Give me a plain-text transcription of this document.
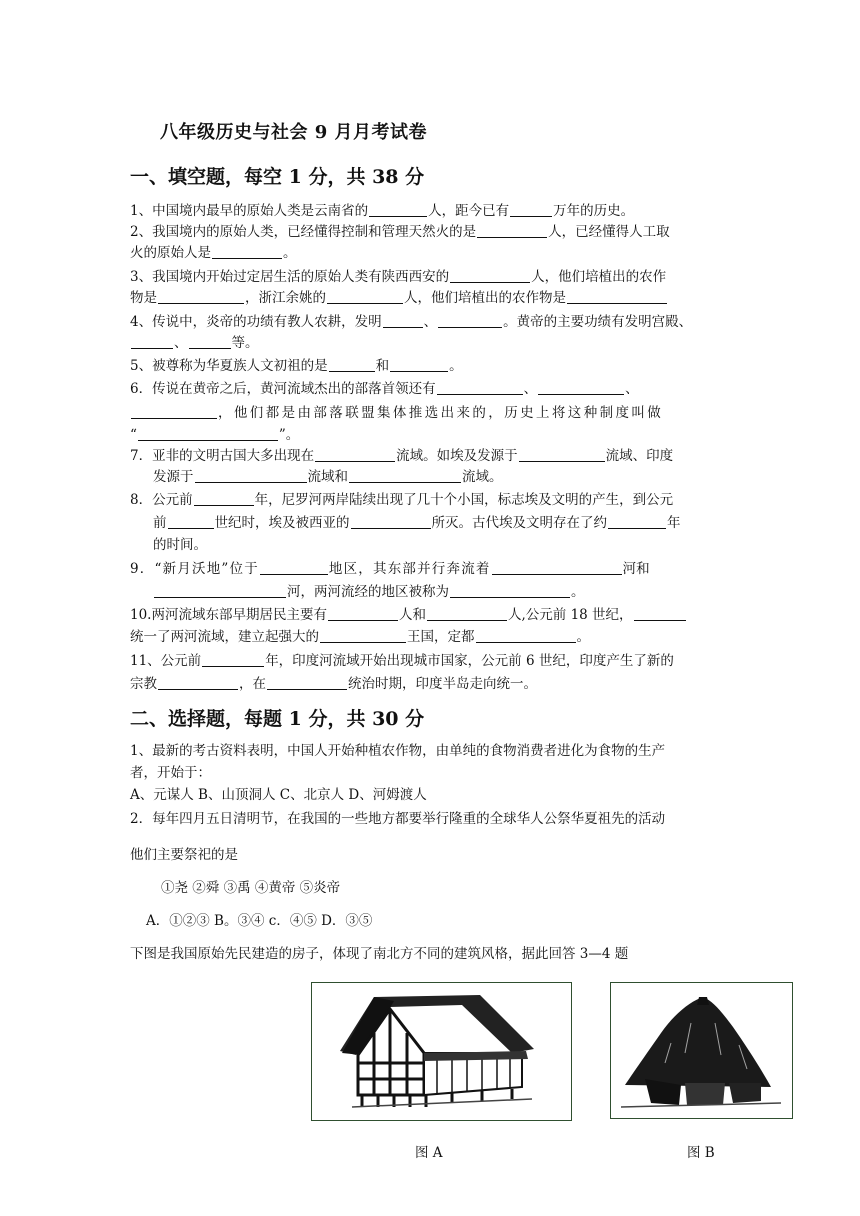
八年级历史与社会 9 月月考试卷
一、填空题，每空 1 分，共 38 分
1、中国境内最早的原始人类是云南省的	人，距今已有	万年的历史。
2、我国境内的原始人类，已经懂得控制和管理天然火的是	人，已经懂得人工取
火的原始人是	。
3、我国境内开始过定居生活的原始人类有陕西西安的	人，他们培植出的农作
物是	，浙江余姚的	人，他们培植出的农作物是
4、传说中，炎帝的功绩有教人农耕，发明	、	。黄帝的主要功绩有发明宫殿、
、	等。
5、被尊称为华夏族人文初祖的是	和	。
6．传说在黄帝之后，黄河流域杰出的部落首领还有	、	、
，他们都是由部落联盟集体推选出来的，历史上将这种制度叫做
“	”。
7．亚非的文明古国大多出现在	流域。如埃及发源于	流域、印度
发源于	流域和	流域。
8．公元前	年，尼罗河两岸陆续出现了几十个小国，标志埃及文明的产生，到公元
前	世纪时，埃及被西亚的	所灭。古代埃及文明存在了约	年
的时间。
9．“新月沃地”位于	地区，其东部并行奔流着	河和
河，两河流经的地区被称为	。
10.两河流域东部早期居民主要有	人和	人,公元前 18 世纪，
统一了两河流域，建立起强大的	王国，定都	。
11、公元前	年，印度河流域开始出现城市国家，公元前 6 世纪，印度产生了新的
宗教	，在	统治时期，印度半岛走向统一。
二、选择题，每题 1 分，共 30 分
1、最新的考古资料表明，中国人开始种植农作物，由单纯的食物消费者进化为食物的生产
者，开始于：
A、元谋人 B、山顶洞人 C、北京人 D、河姆渡人
2．每年四月五日清明节，在我国的一些地方都要举行隆重的全球华人公祭华夏祖先的活动
他们主要祭祀的是
①尧 ②舜 ③禹 ④黄帝 ⑤炎帝
A．①②③ B。③④ c．④⑤ D．③⑤
下图是我国原始先民建造的房子，体现了南北方不同的建筑风格，据此回答 3—4 题
图 A	图 B
